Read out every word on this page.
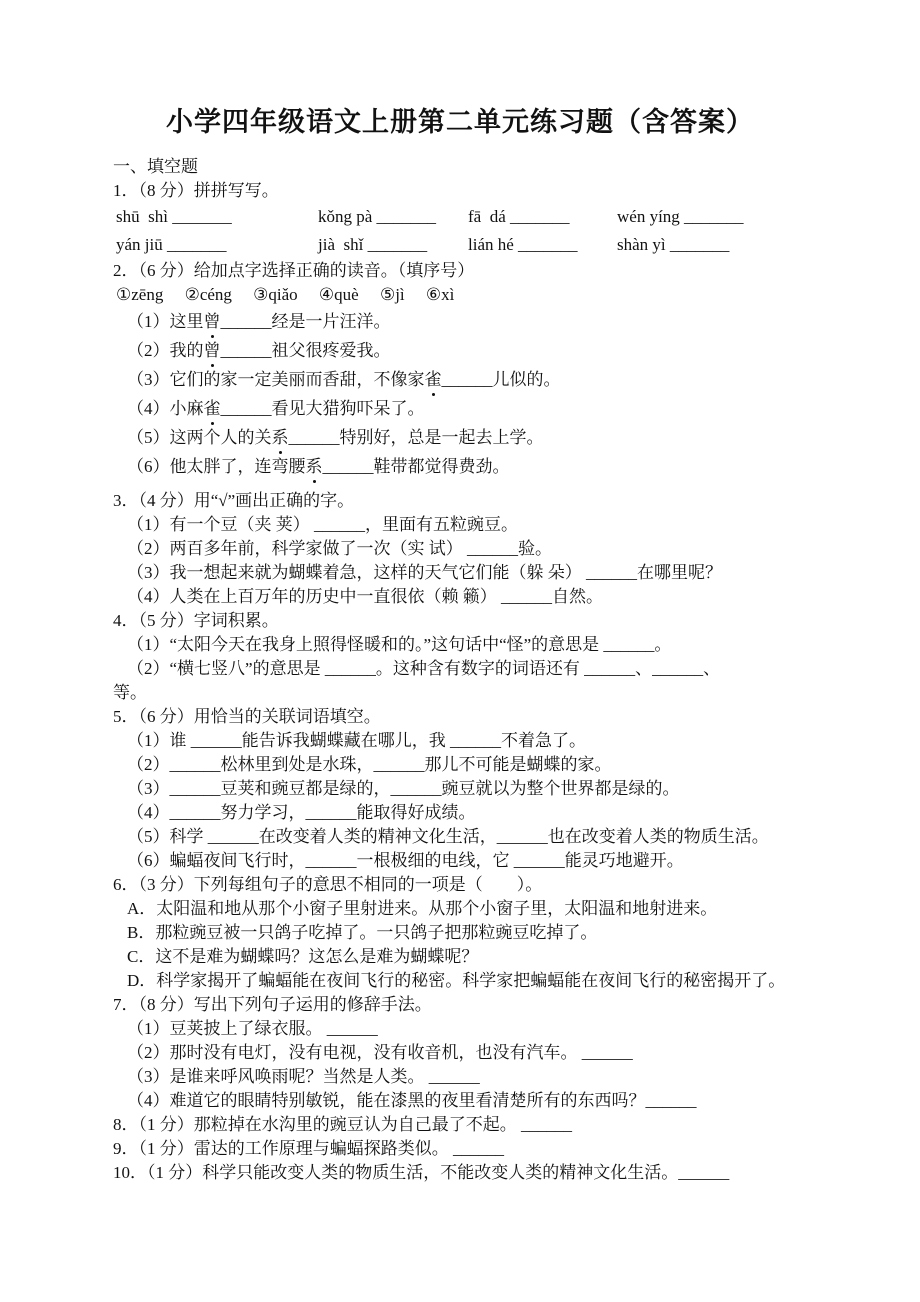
小学四年级语文上册第二单元练习题（含答案）
一、填空题
1．（8 分）拼拼写写。
shū  shì _______	kǒng pà _______ fā  dá _______	wén yíng _______
yán jiū _______	jià  shǐ _______ lián hé _______ shàn yì _______
2．（6 分）给加点字选择正确的读音。（填序号）
①zēng　 ②céng　 ③qiǎo　 ④què　 ⑤jì　 ⑥xì
（1）这里曾______经是一片汪洋。
（2）我的曾______祖父很疼爱我。
（3）它们的家一定美丽而香甜，不像家雀______儿似的。
（4）小麻雀______看见大猎狗吓呆了。
（5）这两个人的关系______特别好，总是一起去上学。
（6）他太胖了，连弯腰系______鞋带都觉得费劲。
3．（4 分）用“√”画出正确的字。
（1）有一个豆（夹 荚） ______，里面有五粒豌豆。
（2）两百多年前，科学家做了一次（实 试） ______验。
（3）我一想起来就为蝴蝶着急，这样的天气它们能（躲 朵） ______在哪里呢？
（4）人类在上百万年的历史中一直很依（赖 籁） ______自然。
4．（5 分）字词积累。
（1）“太阳今天在我身上照得怪暖和的。”这句话中“怪”的意思是 ______。
（2）“横七竖八”的意思是 ______。这种含有数字的词语还有 ______、______、
等。
5．（6 分）用恰当的关联词语填空。
（1）谁 ______能告诉我蝴蝶藏在哪儿，我 ______不着急了。
（2）______松林里到处是水珠，______那儿不可能是蝴蝶的家。
（3）______豆荚和豌豆都是绿的，______豌豆就以为整个世界都是绿的。
（4）______努力学习，______能取得好成绩。
（5）科学 ______在改变着人类的精神文化生活，______也在改变着人类的物质生活。
（6）蝙蝠夜间飞行时，______一根极细的电线，它 ______能灵巧地避开。
6．（3 分）下列每组句子的意思不相同的一项是（　　）。
A．太阳温和地从那个小窗子里射进来。从那个小窗子里，太阳温和地射进来。
B．那粒豌豆被一只鸽子吃掉了。一只鸽子把那粒豌豆吃掉了。
C．这不是难为蝴蝶吗？这怎么是难为蝴蝶呢？
D．科学家揭开了蝙蝠能在夜间飞行的秘密。科学家把蝙蝠能在夜间飞行的秘密揭开了。
7．（8 分）写出下列句子运用的修辞手法。
（1）豆荚披上了绿衣服。 ______
（2）那时没有电灯，没有电视，没有收音机，也没有汽车。 ______
（3）是谁来呼风唤雨呢？当然是人类。 ______
（4）难道它的眼睛特别敏锐，能在漆黑的夜里看清楚所有的东西吗？______
8．（1 分）那粒掉在水沟里的豌豆认为自己最了不起。 ______
9．（1 分）雷达的工作原理与蝙蝠探路类似。 ______
10．（1 分）科学只能改变人类的物质生活，不能改变人类的精神文化生活。______
